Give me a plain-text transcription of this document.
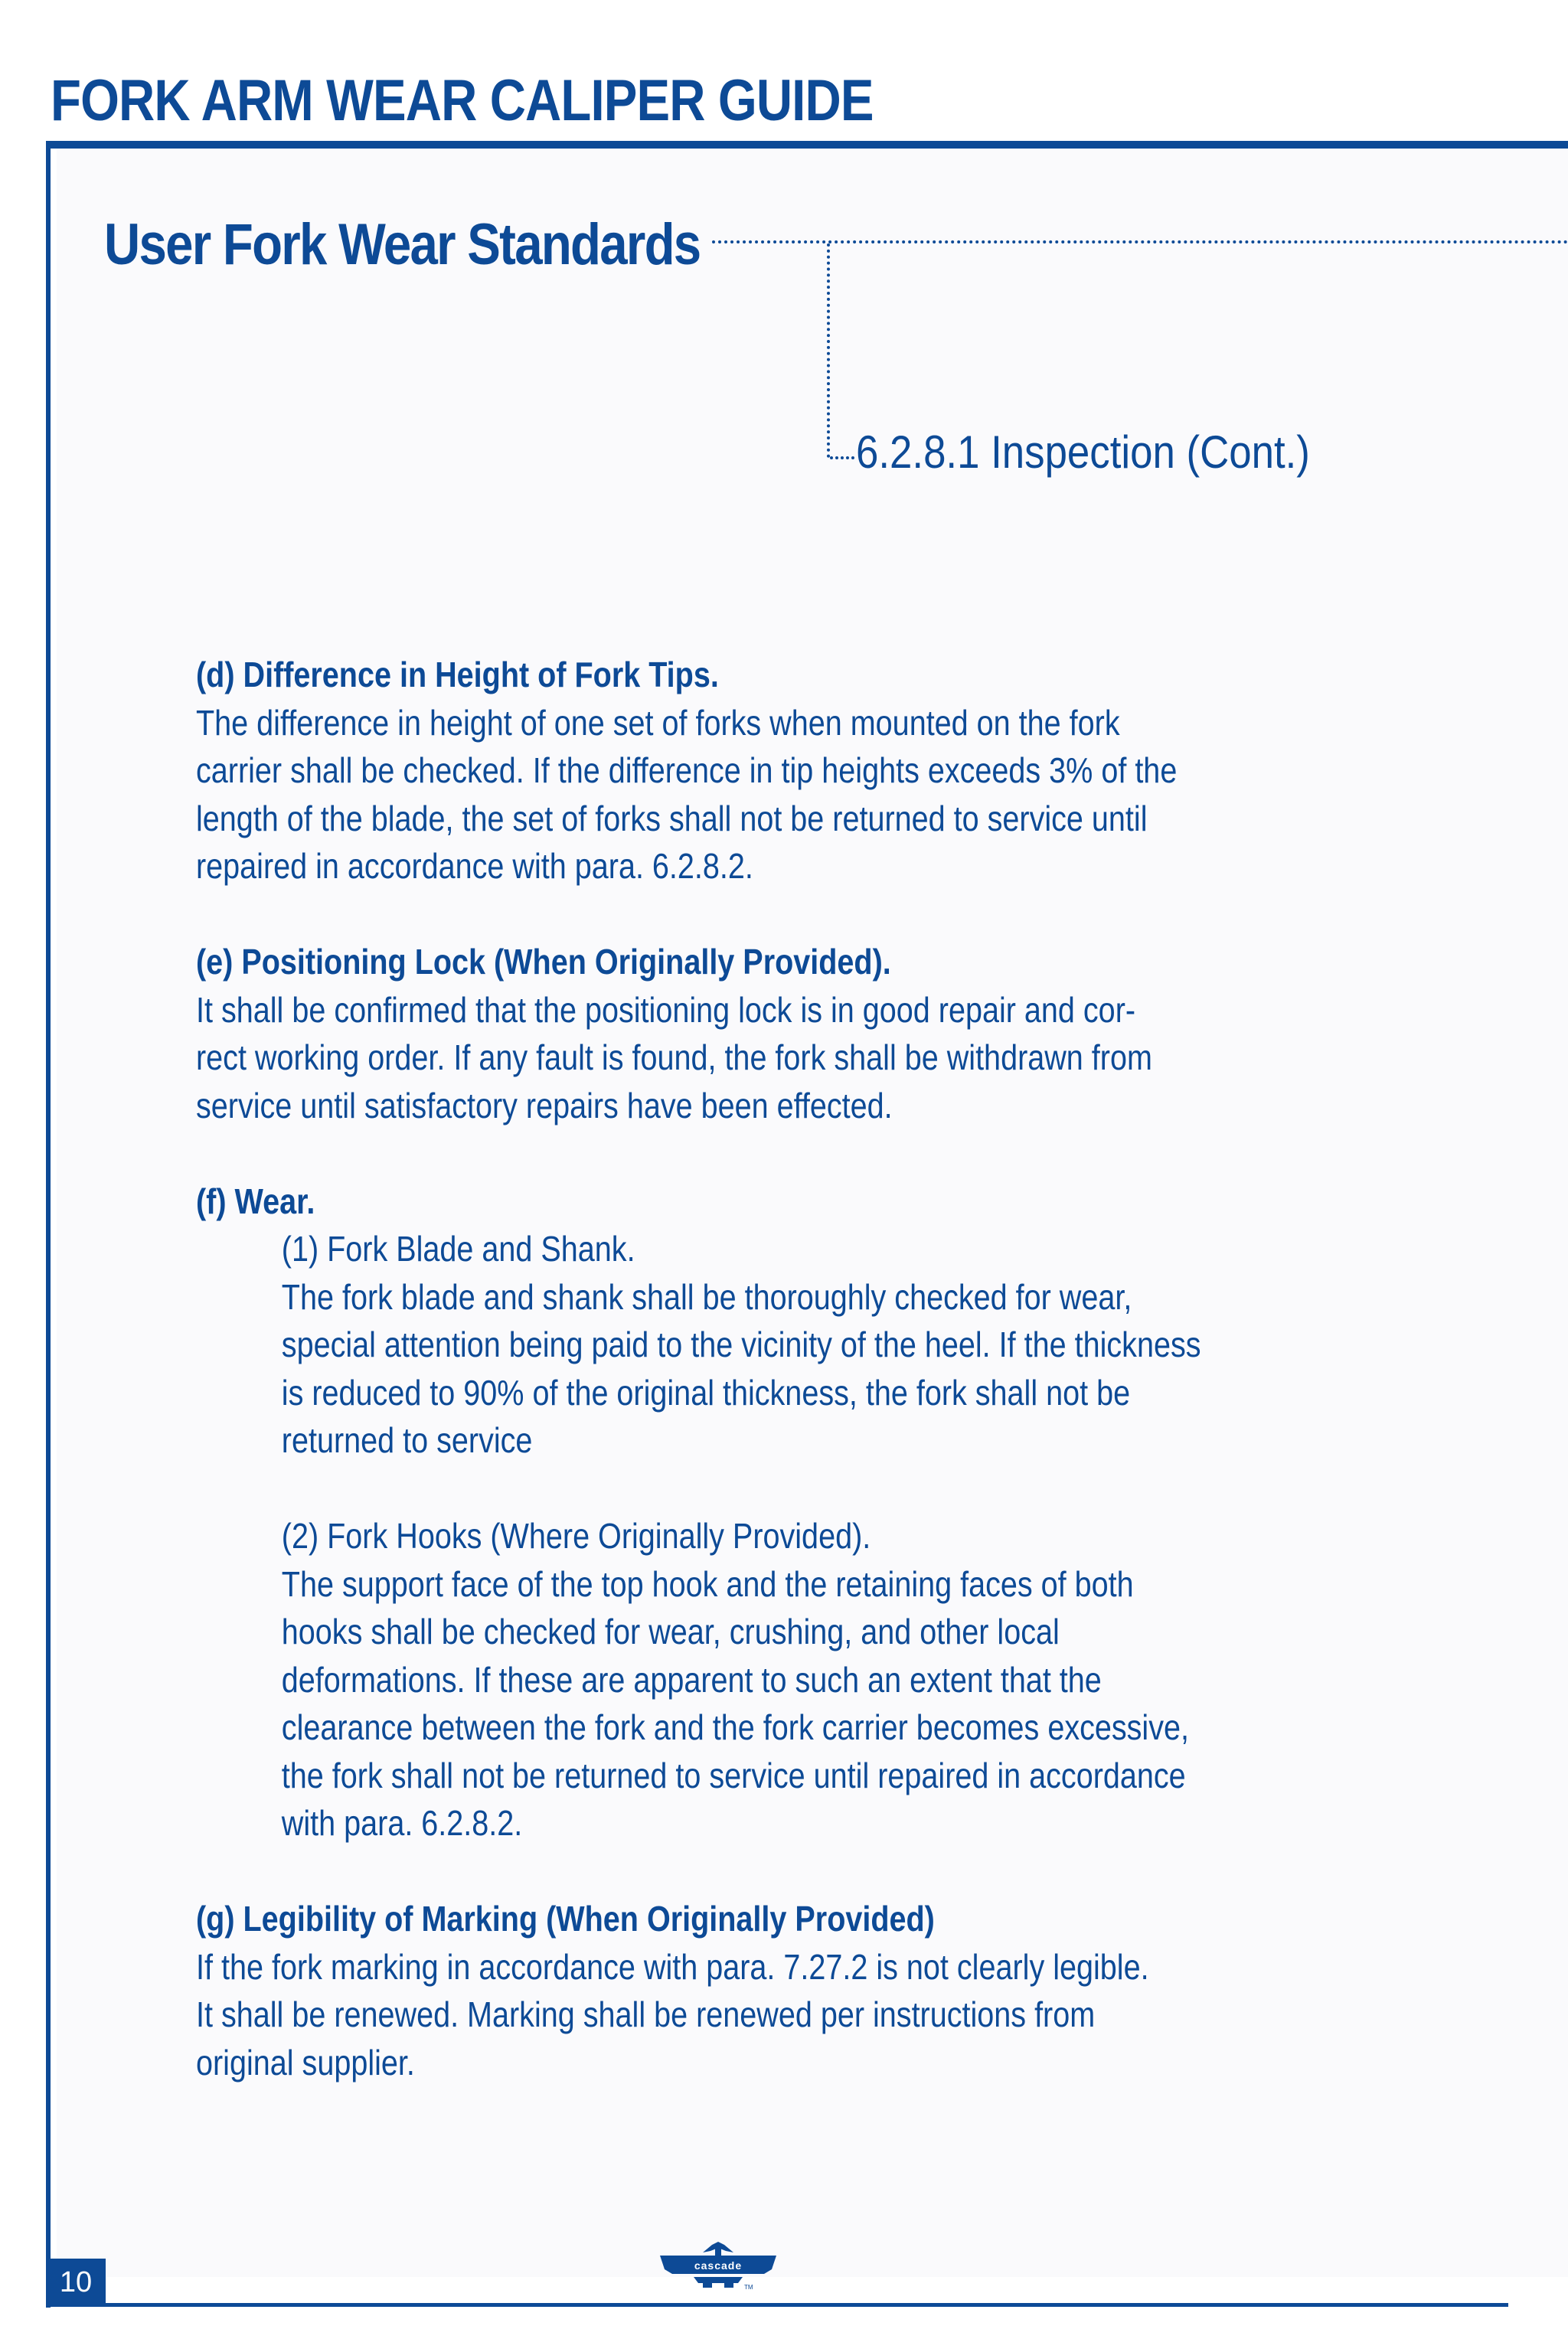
FORK ARM WEAR CALIPER GUIDE
User Fork Wear Standards
6.2.8.1 Inspection (Cont.)

(d) Difference in Height of Fork Tips.

The difference in height of one set of forks when mounted on the fork

carrier shall be checked. If the difference in tip heights exceeds 3% of the

length of the blade, the set of forks shall not be returned to service until

repaired in accordance with para. 6.2.8.2.

(e) Positioning Lock (When Originally Provided).

It shall be confirmed that the positioning lock is in good repair and cor-

rect working order. If any fault is found, the fork shall be withdrawn from

service until satisfactory repairs have been effected.

(f) Wear.

(1) Fork Blade and Shank.

The fork blade and shank shall be thoroughly checked for wear,

special attention being paid to the vicinity of the heel. If the thickness

is reduced to 90% of the original thickness, the fork shall not be

returned to service

(2) Fork Hooks (Where Originally Provided).

The support face of the top hook and the retaining faces of both

hooks shall be checked for wear, crushing, and other local

deformations. If these are apparent to such an extent that the

clearance between the fork and the fork carrier becomes excessive,

the fork shall not be returned to service until repaired in accordance

with para. 6.2.8.2.

(g) Legibility of Marking (When Originally Provided)

If the fork marking in accordance with para. 7.27.2 is not clearly legible.

It shall be renewed. Marking shall be renewed per instructions from

original supplier.

cascade
TM
10
